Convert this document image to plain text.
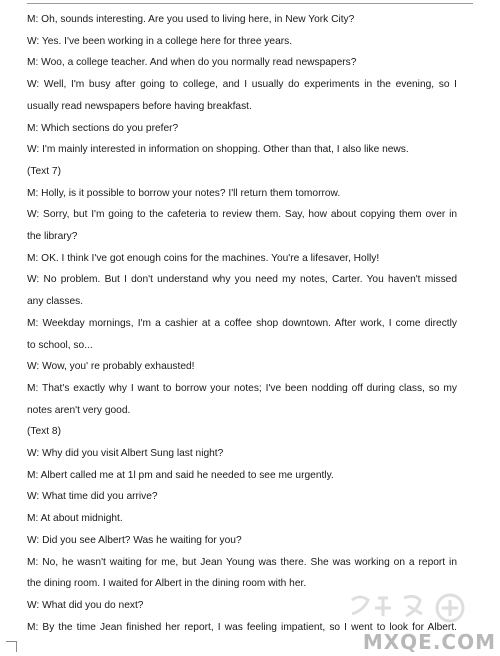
M: Oh, sounds interesting. Are you used to living here, in New York City?
W: Yes. I've been working in a college here for three years.
M: Woo, a college teacher. And when do you normally read newspapers?
W: Well, I'm busy after going to college, and I usually do experiments in the evening, so I
usually read newspapers before having breakfast.
M: Which sections do you prefer?
W: I'm mainly interested in information on shopping. Other than that, I also like news.
(Text 7)
M: Holly, is it possible to borrow your notes? I'll return them tomorrow.
W: Sorry, but I'm going to the cafeteria to review them. Say, how about copying them over in
the library?
M: OK. I think I've got enough coins for the machines. You're a lifesaver, Holly!
W: No problem. But I don't understand why you need my notes, Carter. You haven't missed
any classes.
M: Weekday mornings, I'm a cashier at a coffee shop downtown. After work, I come directly
to school, so...
W: Wow, you' re probably exhausted!
M: That's exactly why I want to borrow your notes; I've been nodding off during class, so my
notes aren't very good.
(Text 8)
W: Why did you visit Albert Sung last night?
M: Albert called me at 1l pm and said he needed to see me urgently.
W: What time did you arrive?
M: At about midnight.
W: Did you see Albert? Was he waiting for you?
M: No, he wasn't waiting for me, but Jean Young was there. She was working on a report in
the dining room. I waited for Albert in the dining room with her.
W: What did you do next?
M: By the time Jean finished her report, I was feeling impatient, so I went to look for Albert.
MXQE.COM
